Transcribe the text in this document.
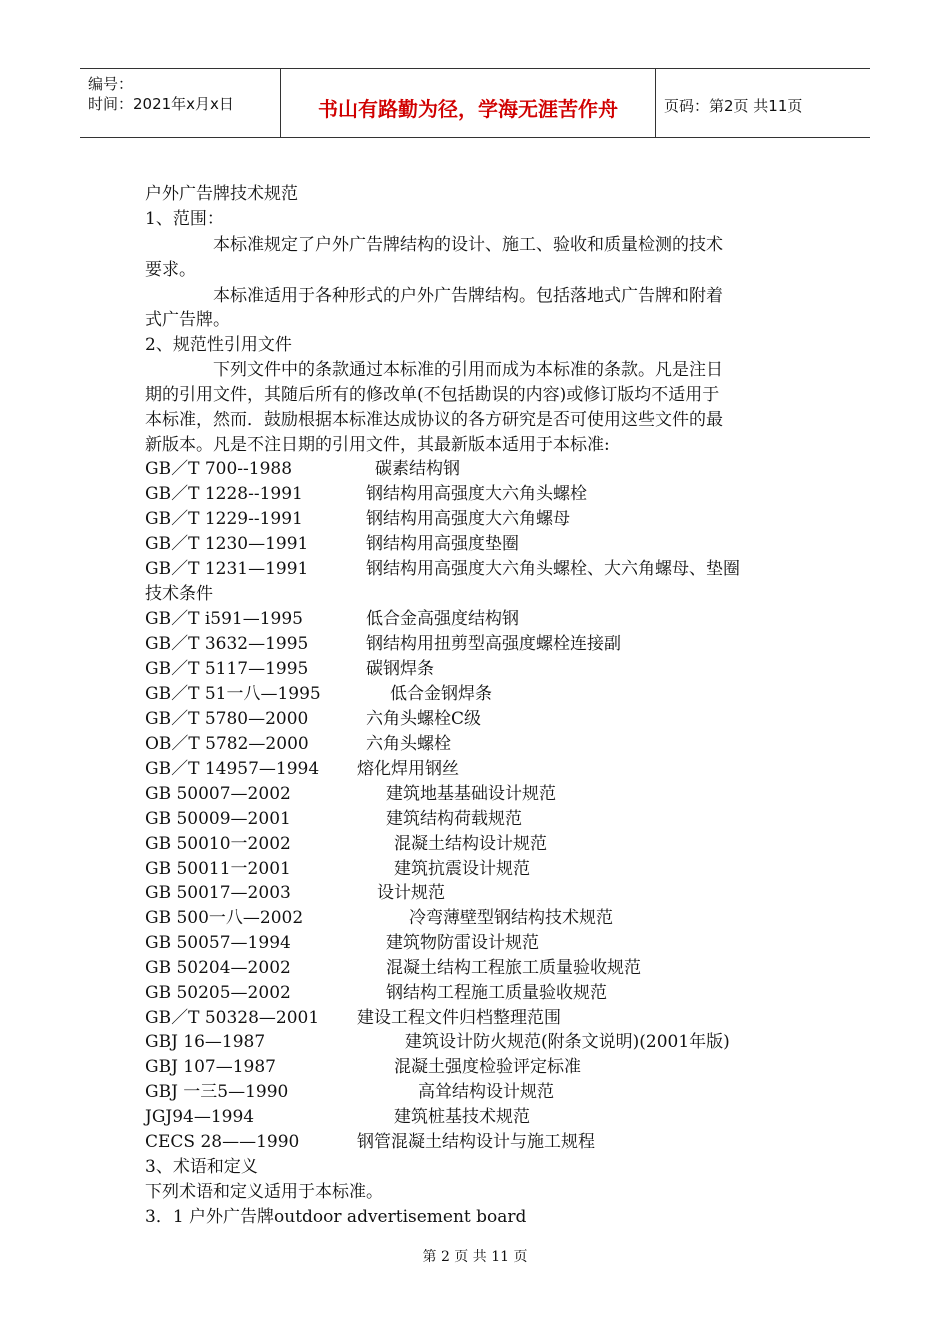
编号：
时间：2021年x月x日	书山有路勤为径，学海无涯苦作舟	页码：第2页 共11页
户外广告牌技术规范
1、范围：
本标准规定了户外广告牌结构的设计、施工、验收和质量检测的技术
要求。
本标准适用于各种形式的户外广告牌结构。包括落地式广告牌和附着
式广告牌。
2、规范性引用文件
下列文件中的条款通过本标准的引用而成为本标准的条款。凡是注日
期的引用文件，其随后所有的修改单(不包括勘误的内容)或修订版均不适用于
本标准，然而．鼓励根据本标准达成协议的各方研究是否可使用这些文件的最
新版本。凡是不注日期的引用文件，其最新版本适用于本标准:
GB／T 700--1988	碳素结构钢
GB／T 1228--1991	钢结构用高强度大六角头螺栓
GB／T 1229--1991	钢结构用高强度大六角螺母
GB／T 1230—1991	钢结构用高强度垫圈
GB／T 1231—1991	钢结构用高强度大六角头螺栓、大六角螺母、垫圈
技术条件
GB／T i591—1995	低合金高强度结构钢
GB／T 3632—1995	钢结构用扭剪型高强度螺栓连接副
GB／T 5117—1995	碳钢焊条
GB／T 51一八—1995	低合金钢焊条
GB／T 5780—2000	六角头螺栓C级
OB／T 5782—2000	六角头螺栓
GB／T 14957—1994 熔化焊用钢丝
GB 50007—2002	建筑地基基础设计规范
GB 50009—2001	建筑结构荷载规范
GB 50010一2002	混凝土结构设计规范
GB 50011一2001	建筑抗震设计规范
GB 50017—2003	设计规范
GB 500一八—2002	冷弯薄壁型钢结构技术规范
GB 50057—1994	建筑物防雷设计规范
GB 50204—2002	混凝土结构工程旅工质量验收规范
GB 50205—2002	钢结构工程施工质量验收规范
GB／T 50328—2001 建设工程文件归档整理范围
GBJ 16—1987	建筑设计防火规范(附条文说明)(2001年版)
GBJ 107—1987	混凝土强度检验评定标准
GBJ 一三5—1990	高耸结构设计规范
JGJ94—1994	建筑桩基技术规范
CECS 28——1990	钢管混凝土结构设计与施工规程
3、术语和定义
下列术语和定义适用于本标准。
3．1 户外广告牌outdoor advertisement board
第 2 页 共 11 页
